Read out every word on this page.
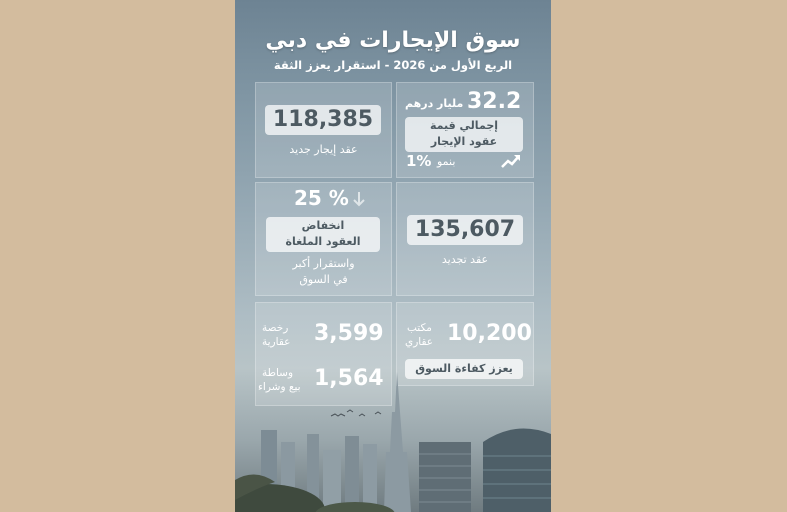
سوق الإيجارات في دبي
الربع الأول من 2026 - استقرار يعزز الثقة
32.2
مليار درهم
إجمالي قيمة
عقود الإيجار
بنمو
1%
118,385
عقد إيجار جديد
25 %
انخفاض
العقود الملغاة
واستقرار أكبر
في السوق
135,607
عقد تجديد
3,599
رخصة
عقارية
1,564
وساطة
بيع وشراء
10,200
مكتب
عقاري
يعزز كفاءة السوق
